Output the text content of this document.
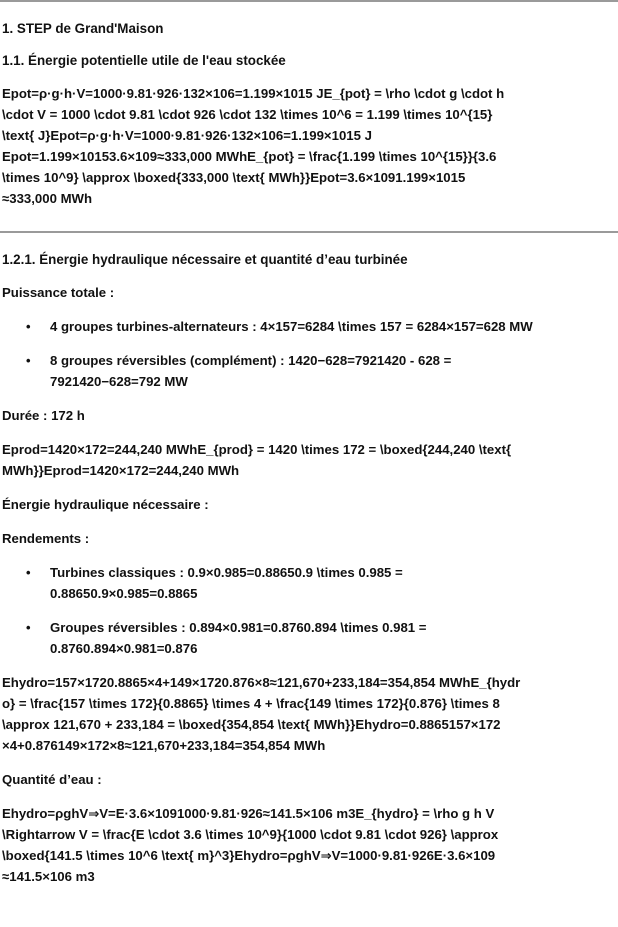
1. STEP de Grand'Maison
1.1. Énergie potentielle utile de l'eau stockée
Epot=ρ·g·h·V=1000·9.81·926·132×106=1.199×1015 JE_{pot} = \rho \cdot g \cdot h
\cdot V = 1000 \cdot 9.81 \cdot 926 \cdot 132 \times 10^6 = 1.199 \times 10^{15}
\text{ J}Epot=ρ·g·h·V=1000·9.81·926·132×106=1.199×1015 J
Epot=1.199×10153.6×109≈333,000 MWhE_{pot} = \frac{1.199 \times 10^{15}}{3.6
\times 10^9} \approx \boxed{333,000 \text{ MWh}}Epot=3.6×1091.199×1015
≈333,000 MWh
1.2.1. Énergie hydraulique nécessaire et quantité d’eau turbinée
Puissance totale :
• 4 groupes turbines-alternateurs : 4×157=6284 \times 157 = 6284×157=628 MW
• 8 groupes réversibles (complément) : 1420−628=7921420 - 628 =
7921420−628=792 MW
Durée : 172 h
Eprod=1420×172=244,240 MWhE_{prod} = 1420 \times 172 = \boxed{244,240 \text{
MWh}}Eprod=1420×172=244,240 MWh
Énergie hydraulique nécessaire :
Rendements :
• Turbines classiques : 0.9×0.985=0.88650.9 \times 0.985 =
0.88650.9×0.985=0.8865
• Groupes réversibles : 0.894×0.981=0.8760.894 \times 0.981 =
0.8760.894×0.981=0.876
Ehydro=157×1720.8865×4+149×1720.876×8≈121,670+233,184=354,854 MWhE_{hydr
o} = \frac{157 \times 172}{0.8865} \times 4 + \frac{149 \times 172}{0.876} \times 8
\approx 121,670 + 233,184 = \boxed{354,854 \text{ MWh}}Ehydro=0.8865157×172
×4+0.876149×172×8≈121,670+233,184=354,854 MWh
Quantité d’eau :
Ehydro=ρghV⇒V=E·3.6×1091000·9.81·926≈141.5×106 m3E_{hydro} = \rho g h V
\Rightarrow V = \frac{E \cdot 3.6 \times 10^9}{1000 \cdot 9.81 \cdot 926} \approx
\boxed{141.5 \times 10^6 \text{ m}^3}Ehydro=ρghV⇒V=1000·9.81·926E·3.6×109
≈141.5×106 m3
